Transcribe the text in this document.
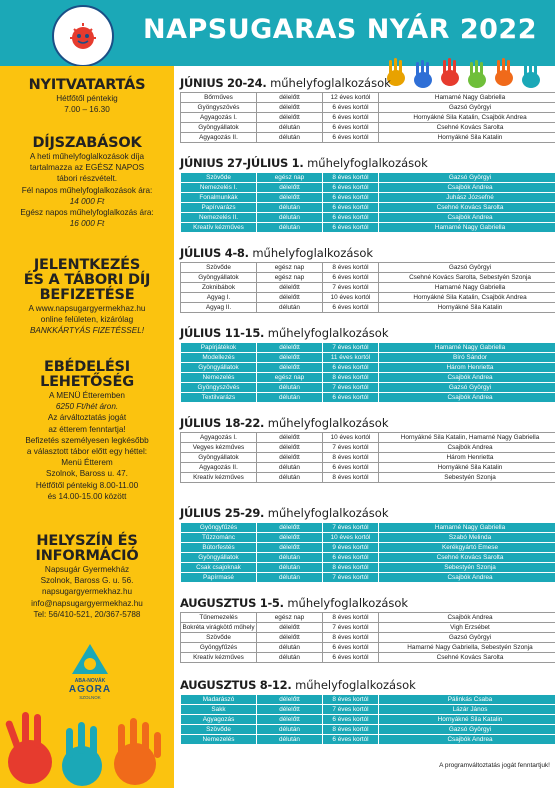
NAPSUGARAS NYÁR 2022
NYITVATARTÁS
Hétfőtől péntekig
7.00 – 16.30
DÍJSZABÁSOK
A heti műhelyfoglalkozások díja
tartalmazza az EGÉSZ NAPOS
tábori részvételt.
Fél napos műhelyfoglalkozások ára:
14 000 Ft
Egész napos műhelyfoglalkozás ára:
16 000 Ft
JELENTKEZÉS
ÉS A TÁBORI DÍJ
BEFIZETÉSE
A www.napsugargyermekhaz.hu
online felületen, kizárólag
BANKKÁRTYÁS FIZETÉSSEL!
EBÉDELÉSI
LEHETŐSÉG
A MENÜ Étteremben
6250 Ft/hét áron.
Az árváltoztatás jogát
az étterem fenntartja!
Befizetés személyesen legkésőbb
a választott tábor előtt egy héttel:
Menü Étterem
Szolnok, Baross u. 47.
Hétfőtől péntekig 8.00-11.00
és 14.00-15.00 között
HELYSZÍN ÉS
INFORMÁCIÓ
Napsugár Gyermekház
Szolnok, Baross G. u. 56.
napsugargyermekhaz.hu
info@napsugargyermekhaz.hu
Tel: 56/410-521, 20/367-5788
ABA-NOVÁK
AGORA
SZOLNOK
JÚNIUS 20-24. műhelyfoglalkozások
Bőrműves	délelőtt	12 éves kortól	Hamarné Nagy Gabriella
Gyöngyszövés	délelőtt	6 éves kortól	Gazsó Györgyi
Agyagozás I.	délelőtt	6 éves kortól	Hornyákné Sila Katalin, Csajbók Andrea
Gyöngyállatok	délután	6 éves kortól	Csehné Kovács Sarolta
Agyagozás II.	délután	6 éves kortól	Hornyákné Sila Katalin
JÚNIUS 27-JÚLIUS 1. műhelyfoglalkozások
Szövőde	egész nap	8 éves kortól	Gazsó Györgyi
Nemezelés I.	délelőtt	6 éves kortól	Csajbók Andrea
Fonalmunkák	délelőtt	6 éves kortól	Juhász Józsefné
Papírvarázs	délután	6 éves kortól	Csehné Kovács Sarolta
Nemezelés II.	délután	6 éves kortól	Csajbók Andrea
Kreatív kézműves	délután	6 éves kortól	Hamarné Nagy Gabriella
JÚLIUS 4-8. műhelyfoglalkozások
Szövőde	egész nap	8 éves kortól	Gazsó Györgyi
Gyöngyállatok	egész nap	6 éves kortól	Csehné Kovács Sarolta, Sebestyén Szonja
Zoknibábok	délelőtt	7 éves kortól	Hamarné Nagy Gabriella
Agyag I.	délelőtt	10 éves kortól	Hornyákné Sila Katalin, Csajbók Andrea
Agyag II.	délután	6 éves kortól	Hornyákné Sila Katalin
JÚLIUS 11-15. műhelyfoglalkozások
Papírjátékok	délelőtt	7 éves kortól	Hamarné Nagy Gabriella
Modellezés	délelőtt	11 éves kortól	Bíró Sándor
Gyöngyállatok	délelőtt	6 éves kortól	Három Henrietta
Nemezelés	egész nap	8 éves kortól	Csajbók Andrea
Gyöngyszövés	délután	7 éves kortól	Gazsó Györgyi
Textilvarázs	délután	6 éves kortól	Csajbók Andrea
JÚLIUS 18-22. műhelyfoglalkozások
Agyagozás I.	délelőtt	10 éves kortól	Hornyákné Sila Katalin, Hamarné Nagy Gabriella
Vegyes kézműves	délelőtt	7 éves kortól	Csajbók Andrea
Gyöngyállatok	délelőtt	8 éves kortól	Három Henrietta
Agyagozás II.	délután	6 éves kortól	Hornyákné Sila Katalin
Kreatív kézműves	délután	8 éves kortól	Sebestyén Szonja
JÚLIUS 25-29. műhelyfoglalkozások
Gyöngyfűzés	délelőtt	7 éves kortól	Hamarné Nagy Gabriella
Tűzzománc	délelőtt	10 éves kortól	Szabó Melinda
Bútorfestés	délelőtt	9 éves kortól	Kerékgyártó Emese
Gyöngyállatok	délután	6 éves kortól	Csehné Kovács Sarolta
Csak csajoknak	délután	8 éves kortól	Sebestyén Szonja
Papírmasé	délután	7 éves kortól	Csajbók Andrea
AUGUSZTUS 1-5. műhelyfoglalkozások
Tűnemezelés	egész nap	8 éves kortól	Csajbók Andrea
Bokréta virágkötő műhely	délelőtt	7 éves kortól	Vigh Erzsébet
Szövőde	délelőtt	8 éves kortól	Gazsó Györgyi
Gyöngyfűzés	délután	6 éves kortól	Hamarné Nagy Gabriella, Sebestyén Szonja
Kreatív kézműves	délután	6 éves kortól	Csehné Kovács Sarolta
AUGUSZTUS 8-12. műhelyfoglalkozások
Madarászó	délelőtt	8 éves kortól	Pálinkás Csaba
Sakk	délelőtt	7 éves kortól	Lázár János
Agyagozás	délelőtt	6 éves kortól	Hornyákné Sila Katalin
Szövőde	délután	8 éves kortól	Gazsó Györgyi
Nemezelés	délután	6 éves kortól	Csajbók Andrea
A programváltoztatás jogát fenntartjuk!
